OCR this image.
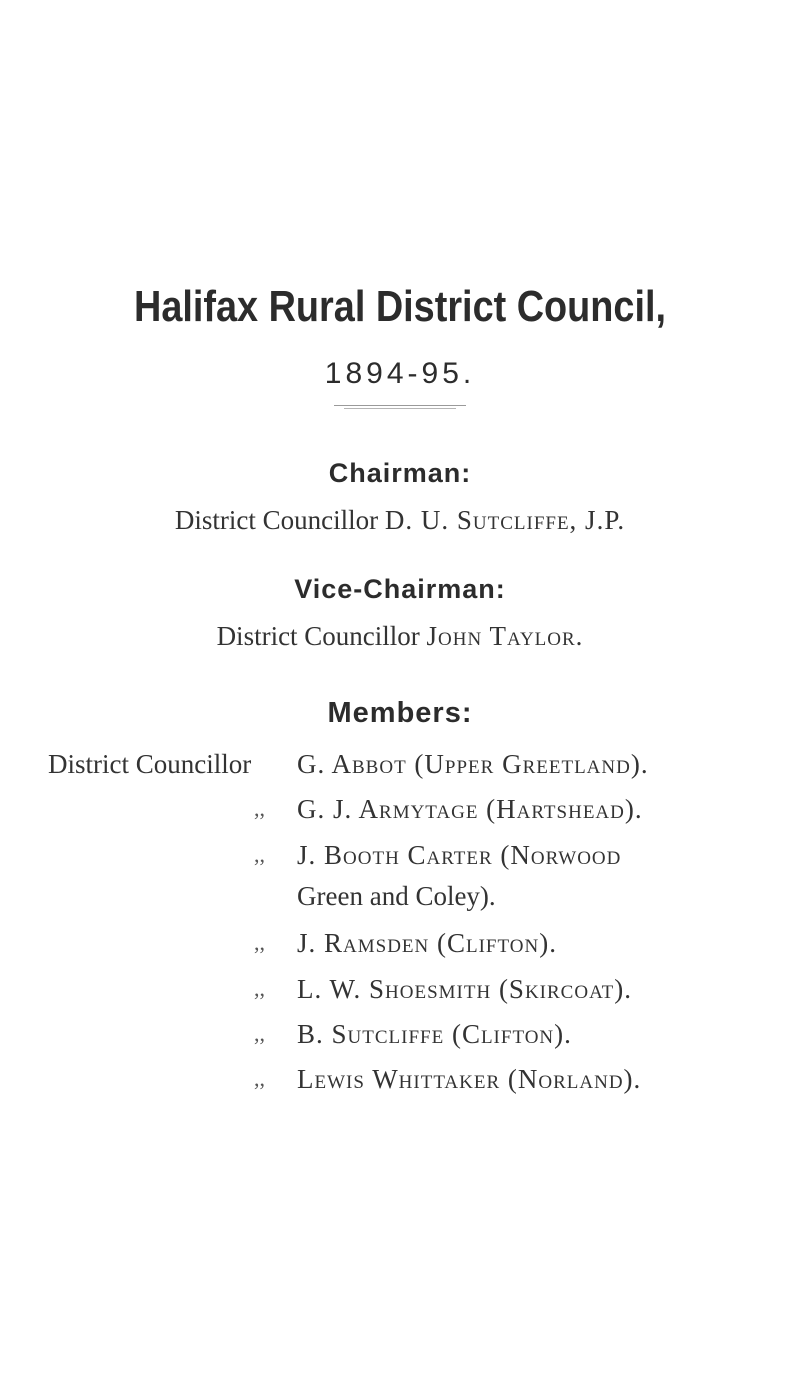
Halifax Rural District Council,
1894-95.
Chairman:
District Councillor D. U. Sutcliffe, J.P.
Vice-Chairman:
District Councillor John Taylor.
Members:
District Councillor G. Abbot (Upper Greetland).
,, G. J. Armytage (Hartshead).
,, J. Booth Carter (Norwood
Green and Coley).
,, J. Ramsden (Clifton).
,, L. W. Shoesmith (Skircoat).
,, B. Sutcliffe (Clifton).
,, Lewis Whittaker (Norland).
